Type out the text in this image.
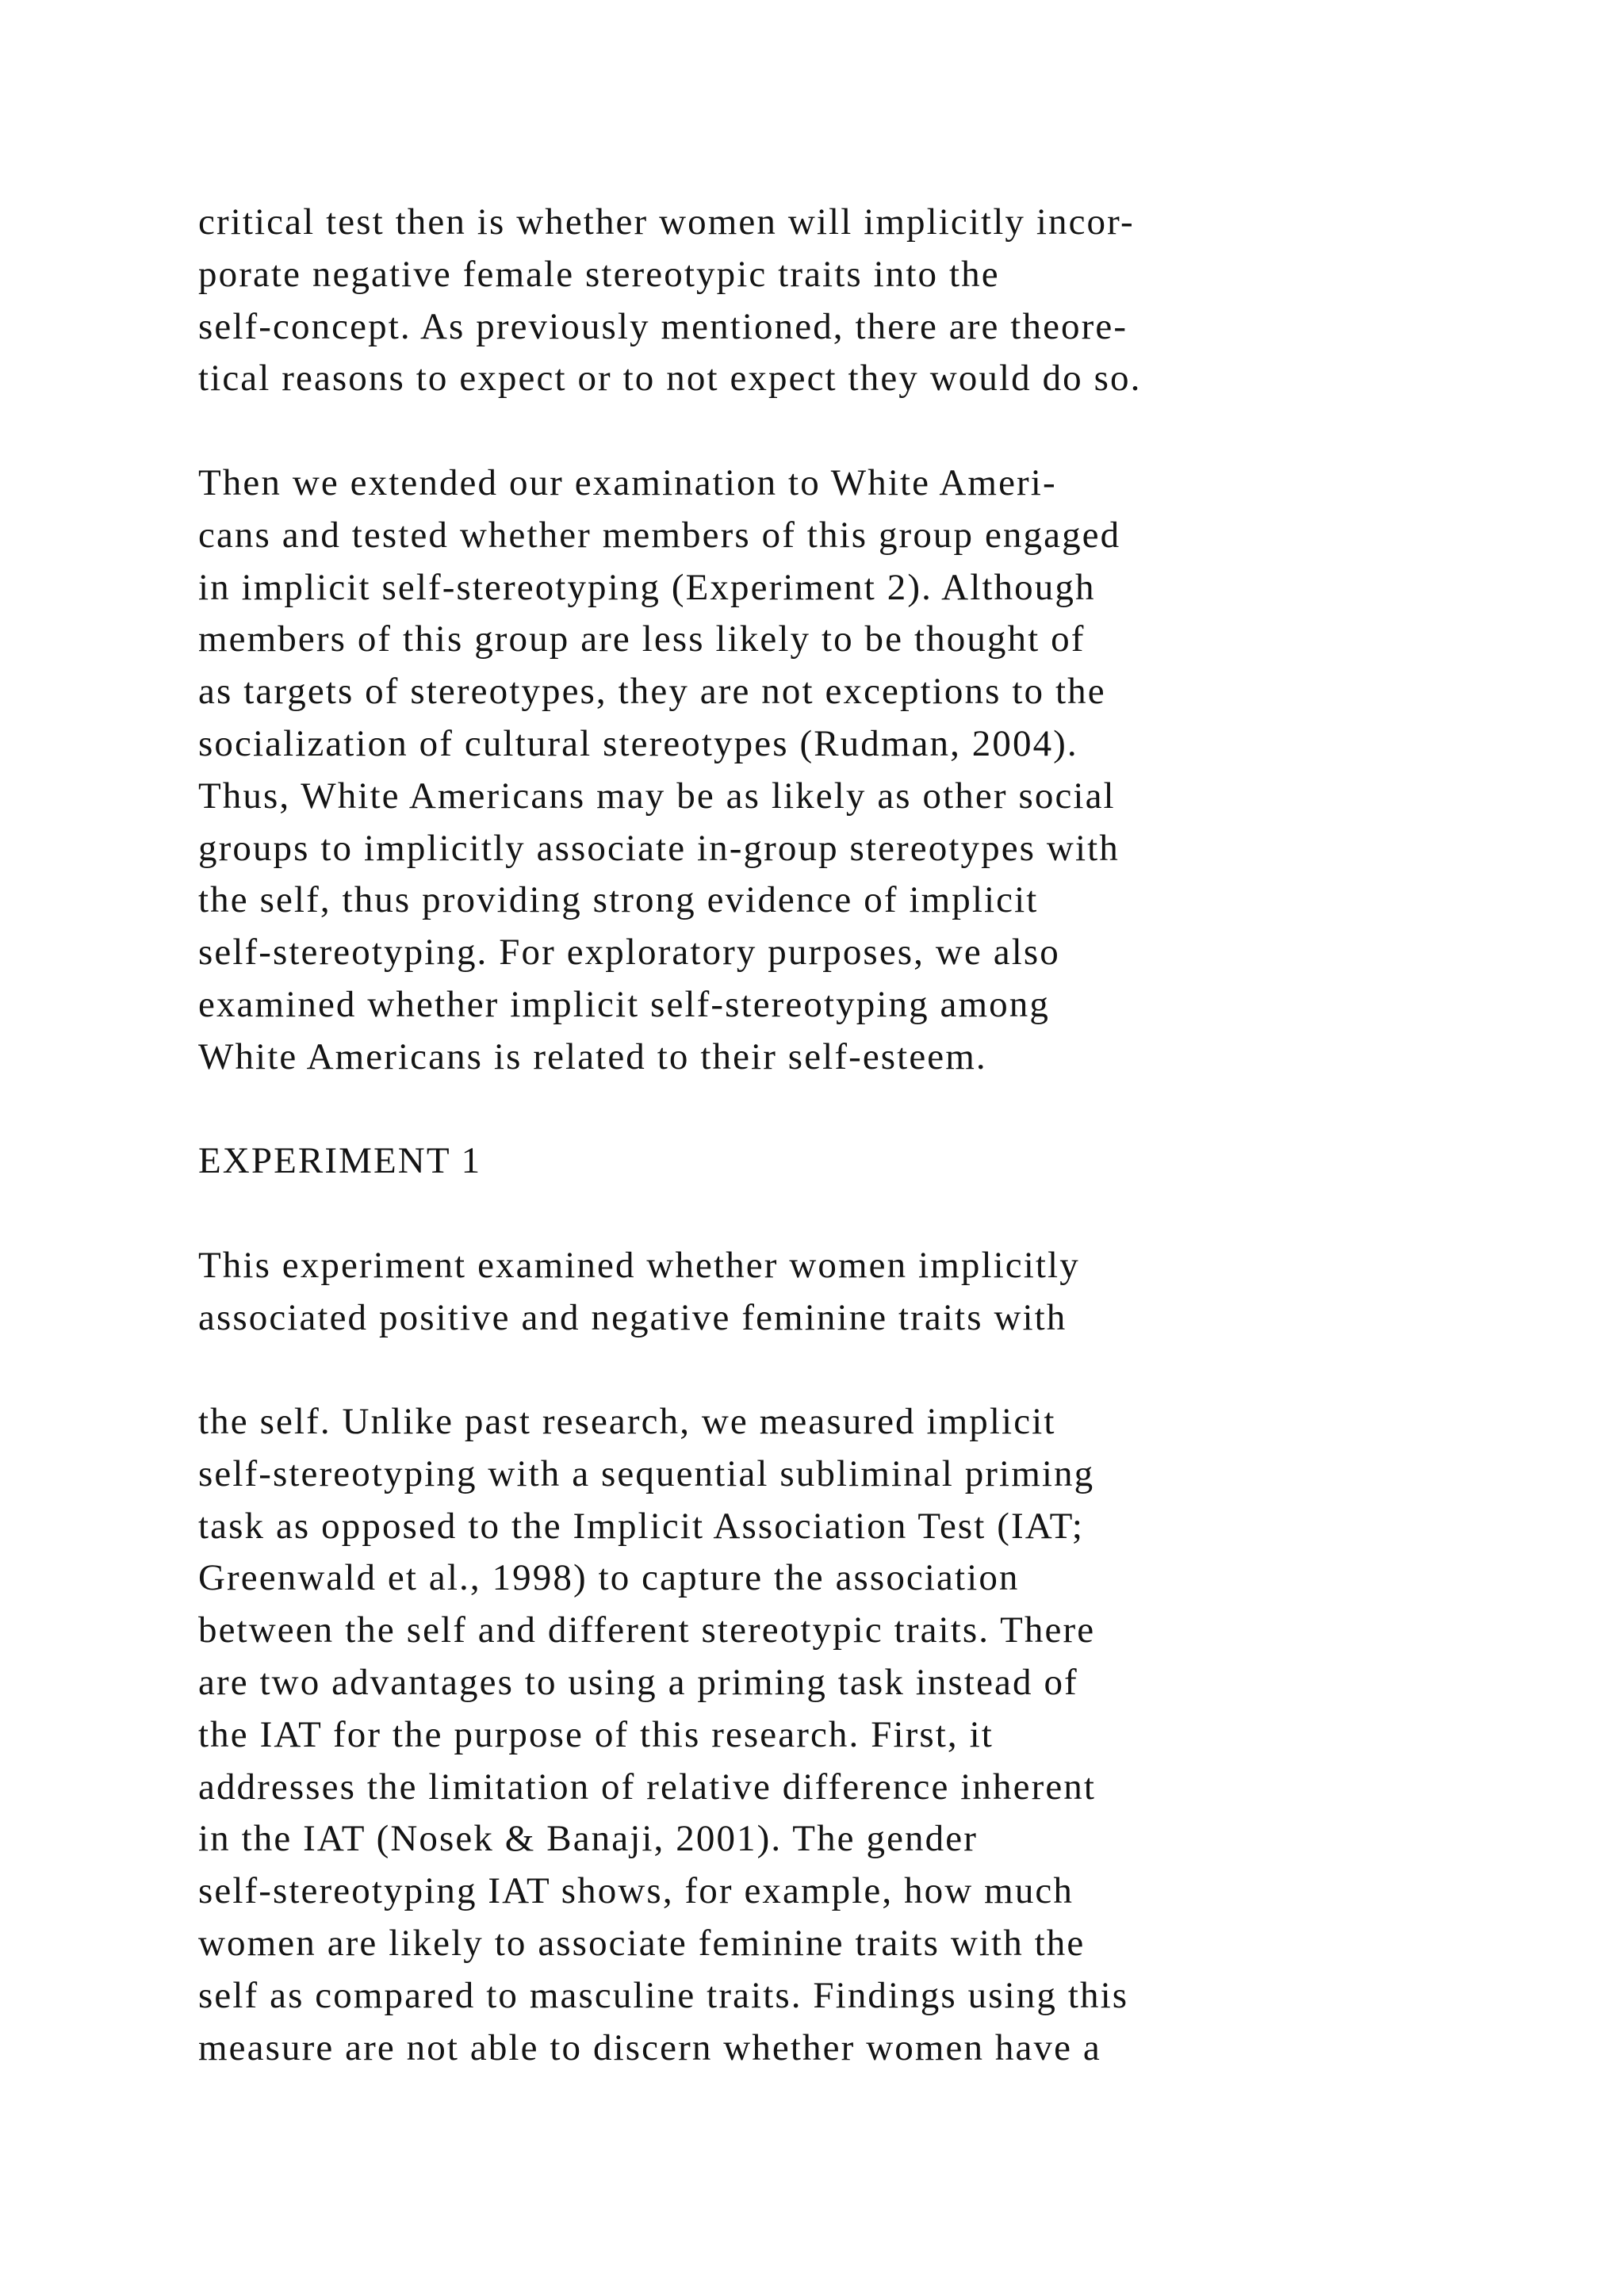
critical test then is whether women will implicitly incor-
porate negative female stereotypic traits into the
self-concept. As previously mentioned, there are theore-
tical reasons to expect or to not expect they would do so.

Then we extended our examination to White Ameri-
cans and tested whether members of this group engaged
in implicit self-stereotyping (Experiment 2). Although
members of this group are less likely to be thought of
as targets of stereotypes, they are not exceptions to the
socialization of cultural stereotypes (Rudman, 2004).
Thus, White Americans may be as likely as other social
groups to implicitly associate in-group stereotypes with
the self, thus providing strong evidence of implicit
self-stereotyping. For exploratory purposes, we also
examined whether implicit self-stereotyping among
White Americans is related to their self-esteem.

EXPERIMENT 1

This experiment examined whether women implicitly
associated positive and negative feminine traits with

the self. Unlike past research, we measured implicit
self-stereotyping with a sequential subliminal priming
task as opposed to the Implicit Association Test (IAT;
Greenwald et al., 1998) to capture the association
between the self and different stereotypic traits. There
are two advantages to using a priming task instead of
the IAT for the purpose of this research. First, it
addresses the limitation of relative difference inherent
in the IAT (Nosek & Banaji, 2001). The gender
self-stereotyping IAT shows, for example, how much
women are likely to associate feminine traits with the
self as compared to masculine traits. Findings using this
measure are not able to discern whether women have a
